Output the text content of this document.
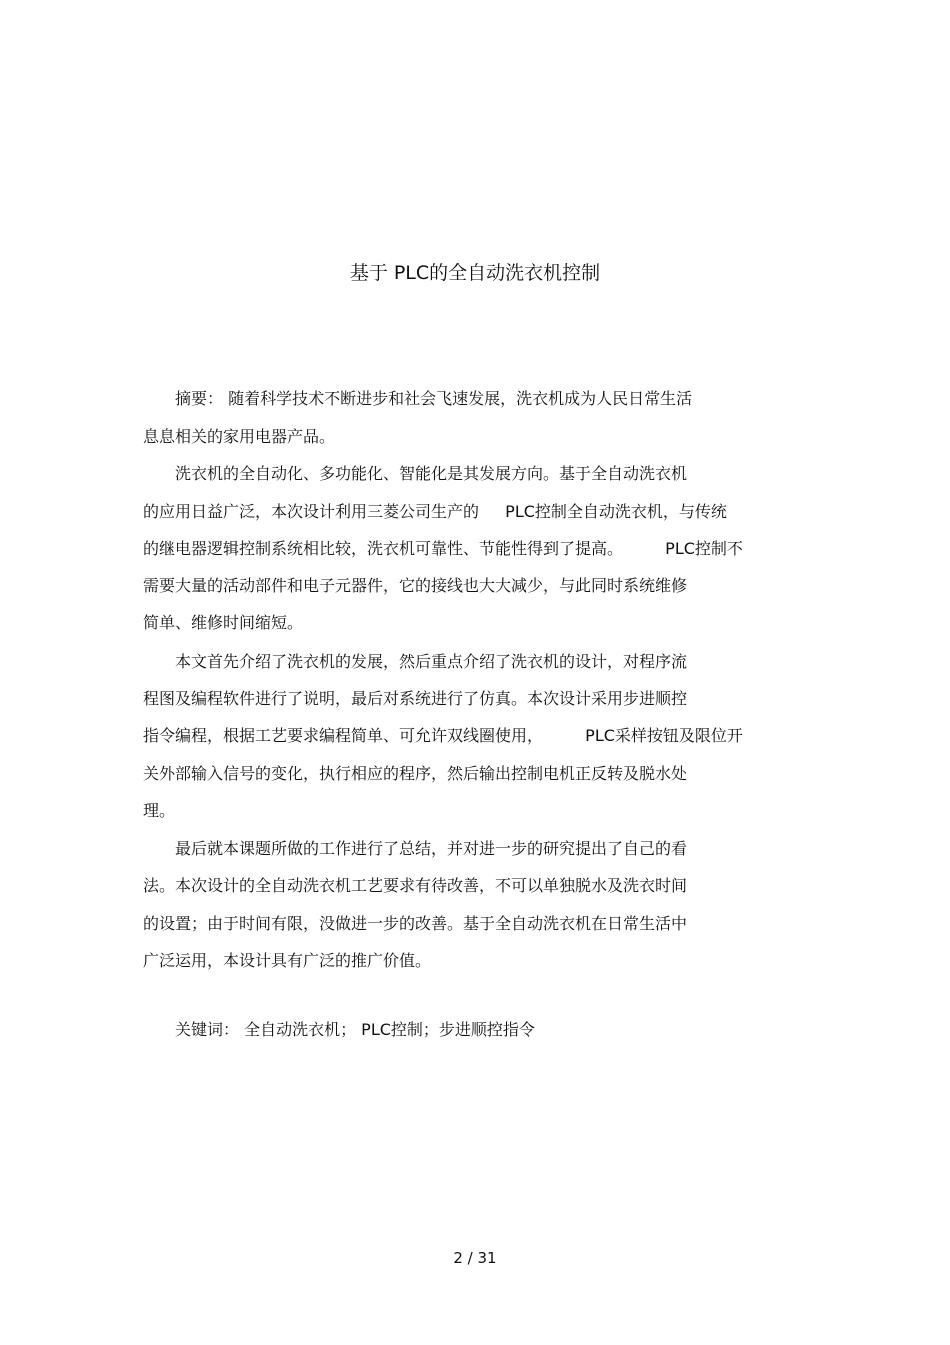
基于 PLC的全自动洗衣机控制
　　摘要： 随着科学技术不断进步和社会飞速发展，洗衣机成为人民日常生活
息息相关的家用电器产品。
　　洗衣机的全自动化、多功能化、智能化是其发展方向。基于全自动洗衣机
的应用日益广泛，本次设计利用三菱公司生产的 　 PLC控制全自动洗衣机，与传统
的继电器逻辑控制系统相比较，洗衣机可靠性、节能性得到了提高。 　 　PLC控制不
需要大量的活动部件和电子元器件，它的接线也大大减少，与此同时系统维修
简单、维修时间缩短。
　　本文首先介绍了洗衣机的发展，然后重点介绍了洗衣机的设计，对程序流
程图及编程软件进行了说明，最后对系统进行了仿真。本次设计采用步进顺控
指令编程，根据工艺要求编程简单、可允许双线圈使用， 　 　PLC采样按钮及限位开
关外部输入信号的变化，执行相应的程序，然后输出控制电机正反转及脱水处
理。
　　最后就本课题所做的工作进行了总结，并对进一步的研究提出了自己的看
法。本次设计的全自动洗衣机工艺要求有待改善，不可以单独脱水及洗衣时间
的设置；由于时间有限，没做进一步的改善。基于全自动洗衣机在日常生活中
广泛运用，本设计具有广泛的推广价值。
　　关键词： 全自动洗衣机； PLC控制；步进顺控指令
2 / 31
